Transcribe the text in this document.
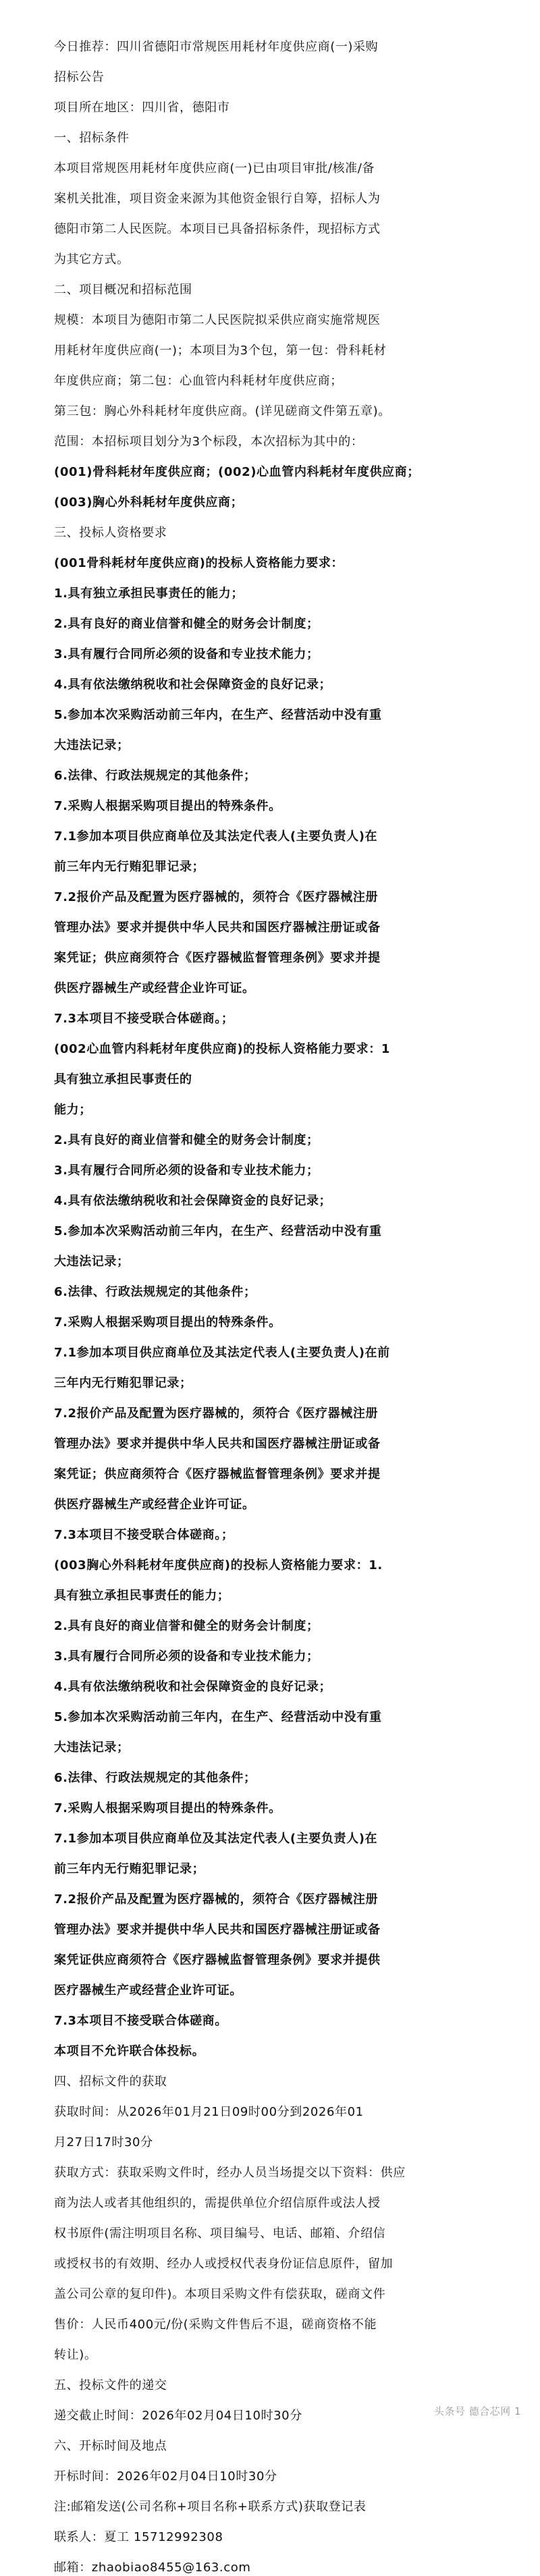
今日推荐：四川省德阳市常规医用耗材年度供应商(一)采购
招标公告
项目所在地区：四川省，德阳市
一、招标条件
本项目常规医用耗材年度供应商(一)已由项目审批/核准/备
案机关批准，项目资金来源为其他资金银行自筹，招标人为
德阳市第二人民医院。本项目已具备招标条件，现招标方式
为其它方式。
二、项目概况和招标范围
规模：本项目为德阳市第二人民医院拟采供应商实施常规医
用耗材年度供应商(一)；本项目为3个包，第一包：骨科耗材
年度供应商；第二包：心血管内科耗材年度供应商；
第三包：胸心外科耗材年度供应商。(详见磋商文件第五章)。
范围：本招标项目划分为3个标段，本次招标为其中的：
(001)骨科耗材年度供应商；(002)心血管内科耗材年度供应商；
(003)胸心外科耗材年度供应商；
三、投标人资格要求
(001骨科耗材年度供应商)的投标人资格能力要求：
1.具有独立承担民事责任的能力；
2.具有良好的商业信誉和健全的财务会计制度；
3.具有履行合同所必须的设备和专业技术能力；
4.具有依法缴纳税收和社会保障资金的良好记录；
5.参加本次采购活动前三年内，在生产、经营活动中没有重
大违法记录；
6.法律、行政法规规定的其他条件；
7.采购人根据采购项目提出的特殊条件。
7.1参加本项目供应商单位及其法定代表人(主要负责人)在
前三年内无行贿犯罪记录；
7.2报价产品及配置为医疗器械的，须符合《医疗器械注册
管理办法》要求并提供中华人民共和国医疗器械注册证或备
案凭证；供应商须符合《医疗器械监督管理条例》要求并提
供医疗器械生产或经营企业许可证。
7.3本项目不接受联合体磋商。；
(002心血管内科耗材年度供应商)的投标人资格能力要求：1
具有独立承担民事责任的
能力；
2.具有良好的商业信誉和健全的财务会计制度；
3.具有履行合同所必须的设备和专业技术能力；
4.具有依法缴纳税收和社会保障资金的良好记录；
5.参加本次采购活动前三年内，在生产、经营活动中没有重
大违法记录；
6.法律、行政法规规定的其他条件；
7.采购人根据采购项目提出的特殊条件。
7.1参加本项目供应商单位及其法定代表人(主要负责人)在前
三年内无行贿犯罪记录；
7.2报价产品及配置为医疗器械的，须符合《医疗器械注册
管理办法》要求并提供中华人民共和国医疗器械注册证或备
案凭证；供应商须符合《医疗器械监督管理条例》要求并提
供医疗器械生产或经营企业许可证。
7.3本项目不接受联合体磋商。；
(003胸心外科耗材年度供应商)的投标人资格能力要求：1.
具有独立承担民事责任的能力；
2.具有良好的商业信誉和健全的财务会计制度；
3.具有履行合同所必须的设备和专业技术能力；
4.具有依法缴纳税收和社会保障资金的良好记录；
5.参加本次采购活动前三年内，在生产、经营活动中没有重
大违法记录；
6.法律、行政法规规定的其他条件；
7.采购人根据采购项目提出的特殊条件。
7.1参加本项目供应商单位及其法定代表人(主要负责人)在
前三年内无行贿犯罪记录；
7.2报价产品及配置为医疗器械的，须符合《医疗器械注册
管理办法》要求并提供中华人民共和国医疗器械注册证或备
案凭证供应商须符合《医疗器械监督管理条例》要求并提供
医疗器械生产或经营企业许可证。
7.3本项目不接受联合体磋商。
本项目不允许联合体投标。
四、招标文件的获取
获取时间：从2026年01月21日09时00分到2026年01
月27日17时30分
获取方式：获取采购文件时，经办人员当场提交以下资料：供应
商为法人或者其他组织的，需提供单位介绍信原件或法人授
权书原件(需注明项目名称、项目编号、电话、邮箱、介绍信
或授权书的有效期、经办人或授权代表身份证信息原件，留加
盖公司公章的复印件)。本项目采购文件有偿获取，磋商文件
售价：人民币400元/份(采购文件售后不退，磋商资格不能
转让)。
五、投标文件的递交
递交截止时间：2026年02月04日10时30分
六、开标时间及地点
开标时间：2026年02月04日10时30分
注:邮箱发送(公司名称+项目名称+联系方式)获取登记表
联系人：夏工 15712992308
邮箱：zhaobiao8455@163.com
头条号 德合芯网 1
